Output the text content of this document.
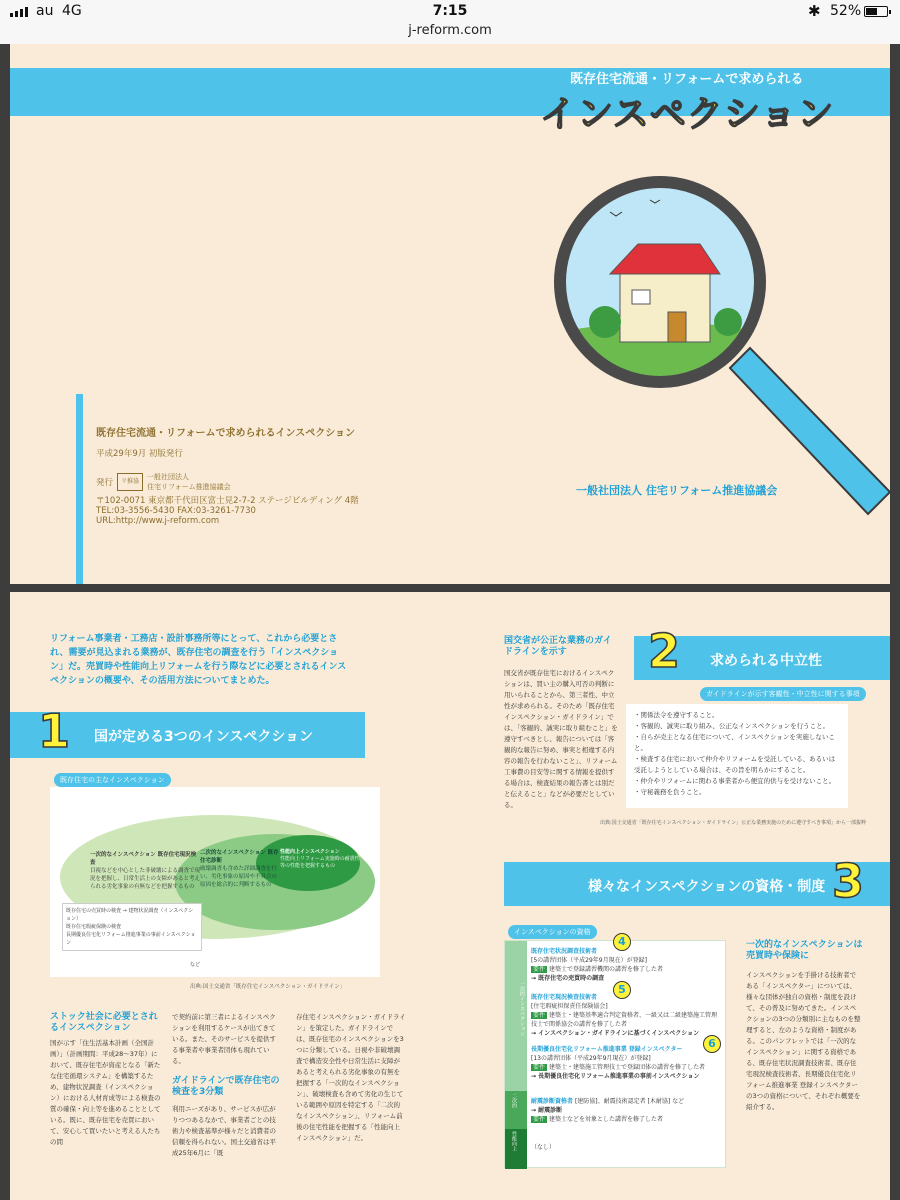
au 4G	7:15
j-reform.com
✱ 52%
既存住宅流通・リフォームで求められる
インスペクション
既存住宅流通・リフォームで求められるインスペクション
平成29年9月 初版発行
発行	リ推協
一般社団法人
住宅リフォーム推進協議会
〒102-0071 東京都千代田区富士見2-7-2 ステージビルディング 4階
TEL:03-3556-5430 FAX:03-3261-7730
URL:http://www.j-reform.com
一般社団法人 住宅リフォーム推進協議会
リフォーム事業者・工務店・設計事務所等にとって、これから必要とされ、需要が見込まれる業務が、既存住宅の調査を行う「インスペクション」だ。売買時や性能向上リフォームを行う際などに必要とされるインスペクションの概要や、その活用方法についてまとめた。
1 国が定める3つのインスペクション
既存住宅の主なインスペクション
一次的なインスペクション 既存住宅現況検査
目視などを中心とした非破壊による調査で現況を把握し、日常生活上の支障があると考えられる劣化事象の有無などを把握するもの
二次的なインスペクション 既存住宅診断
破壊調査も含めた詳細調査を行い、劣化事象の原因や不具合の原因を総合的に判断するもの
性能向上インスペクション
性能向上リフォーム実施時の耐震性等の性能を把握するもの
既存住宅の売買時の検査 → 建物状況調査（インスペクション）
既存住宅瑕疵保険の検査
長期優良住宅化リフォーム推進事業の事前インスペクション
など
出典:国土交通省「既存住宅インスペクション・ガイドライン」
ストック社会に必要とされるインスペクション
国が示す「住生活基本計画（全国計画）」（計画期間：平成28～37年）において、既存住宅が資産となる「新たな住宅循環システム」を構築するため、建物状況調査（インスペクション）における人材育成等による検査の質の確保・向上等を進めることとしている。既に、既存住宅を売買において、安心して買いたいと考える人たちの間
で契約前に第三者によるインスペクションを利用するケースが出てきている。また、そのサービスを提供する事業者や事業者団体も現れている。
ガイドラインで既存住宅の検査を3分類
利用ニーズがあり、サービスが広がりつつあるなかで、事業者ごとの技術力や検査基準が様々だと消費者の信頼を得られない。国土交通省は平成25年6月に「既
存住宅インスペクション・ガイドライン」を策定した。ガイドラインでは、既存住宅のインスペクションを3つに分類している。日視や非破壊調査で構造安全性や日常生活に支障があると考えられる劣化事象の有無を把握する「一次的なインスペクション」、破壊検査も含めて劣化の生じている範囲や原因を特定する「二次的なインスペクション」、リフォーム前後の住宅性能を把握する「性能向上インスペクション」だ。
国交省が公正な業務のガイドラインを示す
国交省が既存住宅におけるインスペクションは、買い主の購入可否の判断に用いられることから、第三者性、中立性が求められる。そのため「既存住宅インスペクション・ガイドライン」では、「客観的、誠実に取り組むこと」を遵守すべきとし、報告については「客観的な報告に努め、事実と相違する内容の報告を行わないこと」、リフォーム工事費の目安等に関する情報を提供する場合は、検査結果の報告書とは別だと伝えること」などが必要だとしている。
2 求められる中立性
ガイドラインが示す客観性・中立性に関する事項
・関係法令を遵守すること。
・客観的、誠実に取り組み、公正なインスペクションを行うこと。
・自らが売主となる住宅について、インスペクションを実施しないこと。
・検査する住宅において仲介やリフォームを受託している、あるいは受託しようとしている場合は、その旨を明らかにすること。
・仲介やリフォームに関わる事業者から便宜的供与を受けないこと。
・守秘義務を負うこと。
出典:国土交通省「既存住宅インスペクション・ガイドライン」公正な業務実施のために遵守すべき事項」から一部抜粋
様々なインスペクションの資格・制度 3
インスペクションの資格
一次的インスペクション
二次的
性能向上
既存住宅状況調査技術者
[5の講習団体（平成29年9月現在）が登録]
要件 建築士で登録講習機関の講習を修了した者
→ 既存住宅の売買時の調査
4
既存住宅現況検査技術者
[住宅瑕疵担保責任保険協会]
要件 建築士・建築基準適合判定資格者、一級又は二級建築施工管理技士で関係協会の講習を修了した者
→ インスペクション・ガイドラインに基づくインスペクション
5
長期優良住宅化リフォーム推進事業 登録インスペクター
[13の講習団体（平成29年9月現在）が登録]
要件 建築士・建築施工管理技士で登録団体の講習を修了した者
→ 長期優良住宅化リフォーム推進事業の事前インスペクション
6
耐震診断資格者 [建防協]、耐震技術認定者 [木耐協] など
→ 耐震診断
要件 建築士などを対象とした講習を修了した者
（なし）
一次的なインスペクションは売買時や保険に
インスペクションを手掛ける技術者である「インスペクター」については、様々な団体が独自の資格・制度を設けて、その普及に努めてきた。インスペクションの3つの分類別に主なものを整理すると、左のような資格・制度がある。このパンフレットでは「一次的なインスペクション」に関する資格である、既存住宅状況調査技術者、既存住宅現況検査技術者、長期優良住宅化リフォーム推進事業 登録インスペクターの3つの資格について、それぞれ概要を紹介する。
